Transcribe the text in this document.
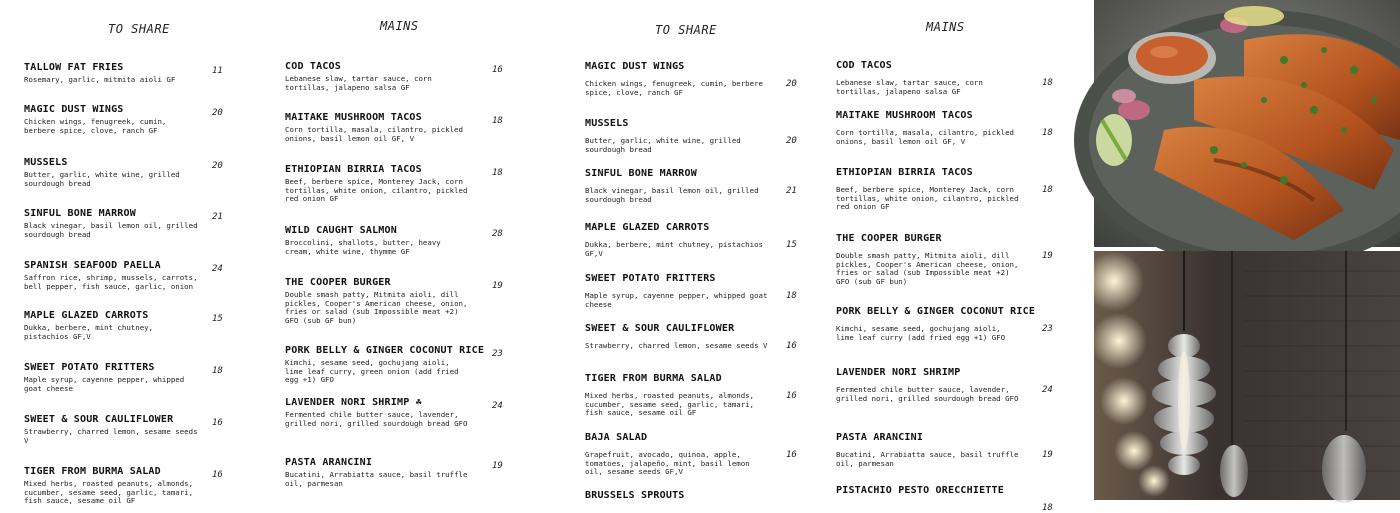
TO SHARE
TALLOW FAT FRIES
Rosemary, garlic, mitmita aioli GF
11
MAGIC DUST WINGS
Chicken wings, fenugreek, cumin, berbere spice, clove, ranch GF
20
MUSSELS
Butter, garlic, white wine, grilled sourdough bread
20
SINFUL BONE MARROW
Black vinegar, basil lemon oil, grilled sourdough bread
21
SPANISH SEAFOOD PAELLA
Saffron rice, shrimp, mussels, carrots, bell pepper, fish sauce, garlic, onion
24
MAPLE GLAZED CARROTS
Dukka, berbere, mint chutney, pistachios GF,V
15
SWEET POTATO FRITTERS
Maple syrup, cayenne pepper, whipped goat cheese
18
SWEET & SOUR CAULIFLOWER
Strawberry, charred lemon, sesame seeds V
16
TIGER FROM BURMA SALAD
Mixed herbs, roasted peanuts, almonds, cucumber, sesame seed, garlic, tamari, fish sauce, sesame oil GF
16
MAINS
COD TACOS
Lebanese slaw, tartar sauce, corn tortillas, jalapeno salsa GF
16
MAITAKE MUSHROOM TACOS
Corn tortilla, masala, cilantro, pickled onions, basil lemon oil GF, V
18
ETHIOPIAN BIRRIA TACOS
Beef, berbere spice, Monterey Jack, corn tortillas, white onion, cilantro, pickled red onion GF
18
WILD CAUGHT SALMON
Broccolini, shallots, butter, heavy cream, white wine, thymme GF
28
THE COOPER BURGER
Double smash patty, Mitmita aioli, dill pickles, Cooper's American cheese, onion, fries or salad (sub Impossible meat +2) GFO (sub GF bun)
19
PORK BELLY & GINGER COCONUT RICE
Kimchi, sesame seed, gochujang aioli, lime leaf curry, green onion (add fried egg +1) GFO
23
LAVENDER NORI SHRIMP ☘
Fermented chile butter sauce, lavender, grilled nori, grilled sourdough bread GFO
24
PASTA ARANCINI
Bucatini, Arrabiatta sauce, basil truffle oil, parmesan
19
TO SHARE
MAGIC DUST WINGS
Chicken wings, fenugreek, cumin, berbere spice, clove, ranch GF
20
MUSSELS
Butter, garlic, white wine, grilled sourdough bread
20
SINFUL BONE MARROW
Black vinegar, basil lemon oil, grilled sourdough bread
21
MAPLE GLAZED CARROTS
Dukka, berbere, mint chutney, pistachios GF,V
15
SWEET POTATO FRITTERS
Maple syrup, cayenne pepper, whipped goat cheese
18
SWEET & SOUR CAULIFLOWER
Strawberry, charred lemon, sesame seeds V 16
TIGER FROM BURMA SALAD
Mixed herbs, roasted peanuts, almonds, cucumber, sesame seed, garlic, tamari, fish sauce, sesame oil GF
16
BAJA SALAD
Grapefruit, avocado, quinoa, apple, tomatoes, jalapeño, mint, basil lemon oil, sesame seeds GF,V
16
BRUSSELS SPROUTS
MAINS
COD TACOS
Lebanese slaw, tartar sauce, corn tortillas, jalapeno salsa GF
18
MAITAKE MUSHROOM TACOS
Corn tortilla, masala, cilantro, pickled onions, basil lemon oil GF, V
18
ETHIOPIAN BIRRIA TACOS
Beef, berbere spice, Monterey Jack, corn tortillas, white onion, cilantro, pickled red onion GF
18
THE COOPER BURGER
Double smash patty, Mitmita aioli, dill pickles, Cooper's American cheese, onion, fries or salad (sub Impossible meat +2) GFO (sub GF bun)
19
PORK BELLY & GINGER COCONUT RICE
Kimchi, sesame seed, gochujang aioli, lime leaf curry (add fried egg +1) GFO
23
LAVENDER NORI SHRIMP
Fermented chile butter sauce, lavender, grilled nori, grilled sourdough bread GFO
24
PASTA ARANCINI
Bucatini, Arrabiatta sauce, basil truffle oil, parmesan
19
PISTACHIO PESTO ORECCHIETTE
18
